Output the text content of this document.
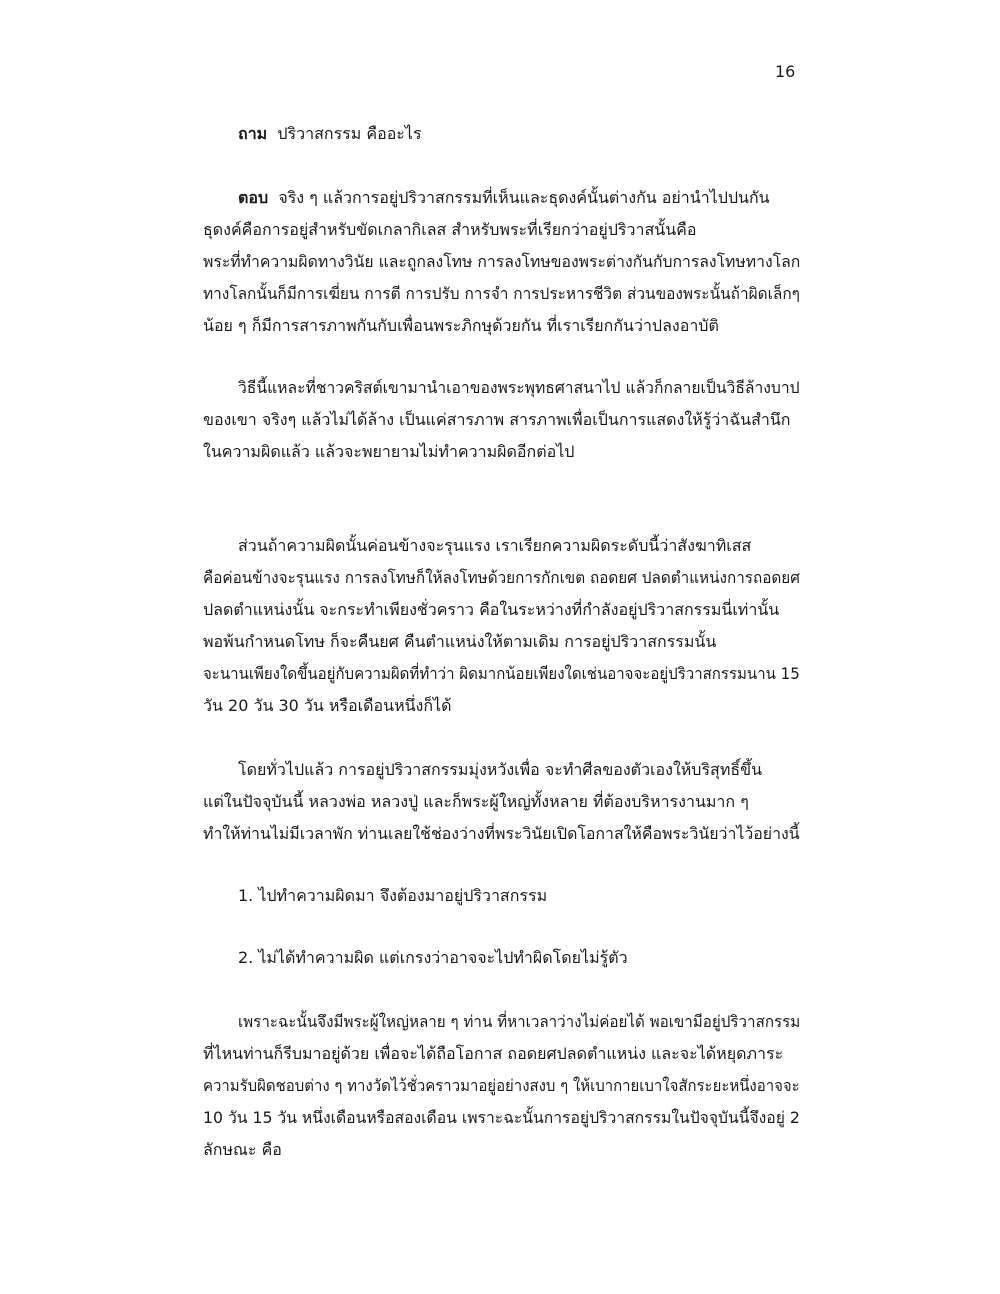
16
ถาม ปริวาสกรรม คืออะไร
ตอบ จริง ๆ แล้วการอยู่ปริวาสกรรมที่เห็นและธุดงค์นั้นต่างกัน อย่านำไปปนกัน
ธุดงค์คือการอยู่สำหรับขัดเกลากิเลส สำหรับพระที่เรียกว่าอยู่ปริวาสนั้นคือ
พระที่ทำความผิดทางวินัย และถูกลงโทษ การลงโทษของพระต่างกันกับการลงโทษทางโลก
ทางโลกนั้นก็มีการเฆี่ยน การตี การปรับ การจำ การประหารชีวิต ส่วนของพระนั้นถ้าผิดเล็กๆ
น้อย ๆ ก็มีการสารภาพกันกับเพื่อนพระภิกษุด้วยกัน ที่เราเรียกกันว่าปลงอาบัติ
วิธีนี้แหละที่ชาวคริสต์เขามานำเอาของพระพุทธศาสนาไป แล้วก็กลายเป็นวิธีล้างบาป
ของเขา จริงๆ แล้วไม่ได้ล้าง เป็นแค่สารภาพ สารภาพเพื่อเป็นการแสดงให้รู้ว่าฉันสำนึก
ในความผิดแล้ว แล้วจะพยายามไม่ทำความผิดอีกต่อไป
ส่วนถ้าความผิดนั้นค่อนข้างจะรุนแรง เราเรียกความผิดระดับนี้ว่าสังฆาทิเสส
คือค่อนข้างจะรุนแรง การลงโทษก็ให้ลงโทษด้วยการกักเขต ถอดยศ ปลดตำแหน่งการถอดยศ
ปลดตำแหน่งนั้น จะกระทำเพียงชั่วคราว คือในระหว่างที่กำลังอยู่ปริวาสกรรมนี่เท่านั้น
พอพ้นกำหนดโทษ ก็จะคืนยศ คืนตำแหน่งให้ตามเดิม การอยู่ปริวาสกรรมนั้น
จะนานเพียงใดขึ้นอยู่กับความผิดที่ทำว่า ผิดมากน้อยเพียงใดเช่นอาจจะอยู่ปริวาสกรรมนาน 15
วัน 20 วัน 30 วัน หรือเดือนหนึ่งก็ได้
โดยทั่วไปแล้ว การอยู่ปริวาสกรรมมุ่งหวังเพื่อ จะทำศีลของตัวเองให้บริสุทธิ์ขึ้น
แต่ในปัจจุบันนี้ หลวงพ่อ หลวงปู่ และก็พระผู้ใหญ่ทั้งหลาย ที่ต้องบริหารงานมาก ๆ
ทำให้ท่านไม่มีเวลาพัก ท่านเลยใช้ช่องว่างที่พระวินัยเปิดโอกาสให้คือพระวินัยว่าไว้อย่างนี้
1. ไปทำความผิดมา จึงต้องมาอยู่ปริวาสกรรม
2. ไม่ได้ทำความผิด แต่เกรงว่าอาจจะไปทำผิดโดยไม่รู้ตัว
เพราะฉะนั้นจึงมีพระผู้ใหญ่หลาย ๆ ท่าน ที่หาเวลาว่างไม่ค่อยได้ พอเขามีอยู่ปริวาสกรรม
ที่ไหนท่านก็รีบมาอยู่ด้วย เพื่อจะได้ถือโอกาส ถอดยศปลดตำแหน่ง และจะได้หยุดภาระ
ความรับผิดชอบต่าง ๆ ทางวัดไว้ชั่วคราวมาอยู่อย่างสงบ ๆ ให้เบากายเบาใจสักระยะหนึ่งอาจจะ
10 วัน 15 วัน หนึ่งเดือนหรือสองเดือน เพราะฉะนั้นการอยู่ปริวาสกรรมในปัจจุบันนี้จึงอยู่ 2
ลักษณะ คือ
